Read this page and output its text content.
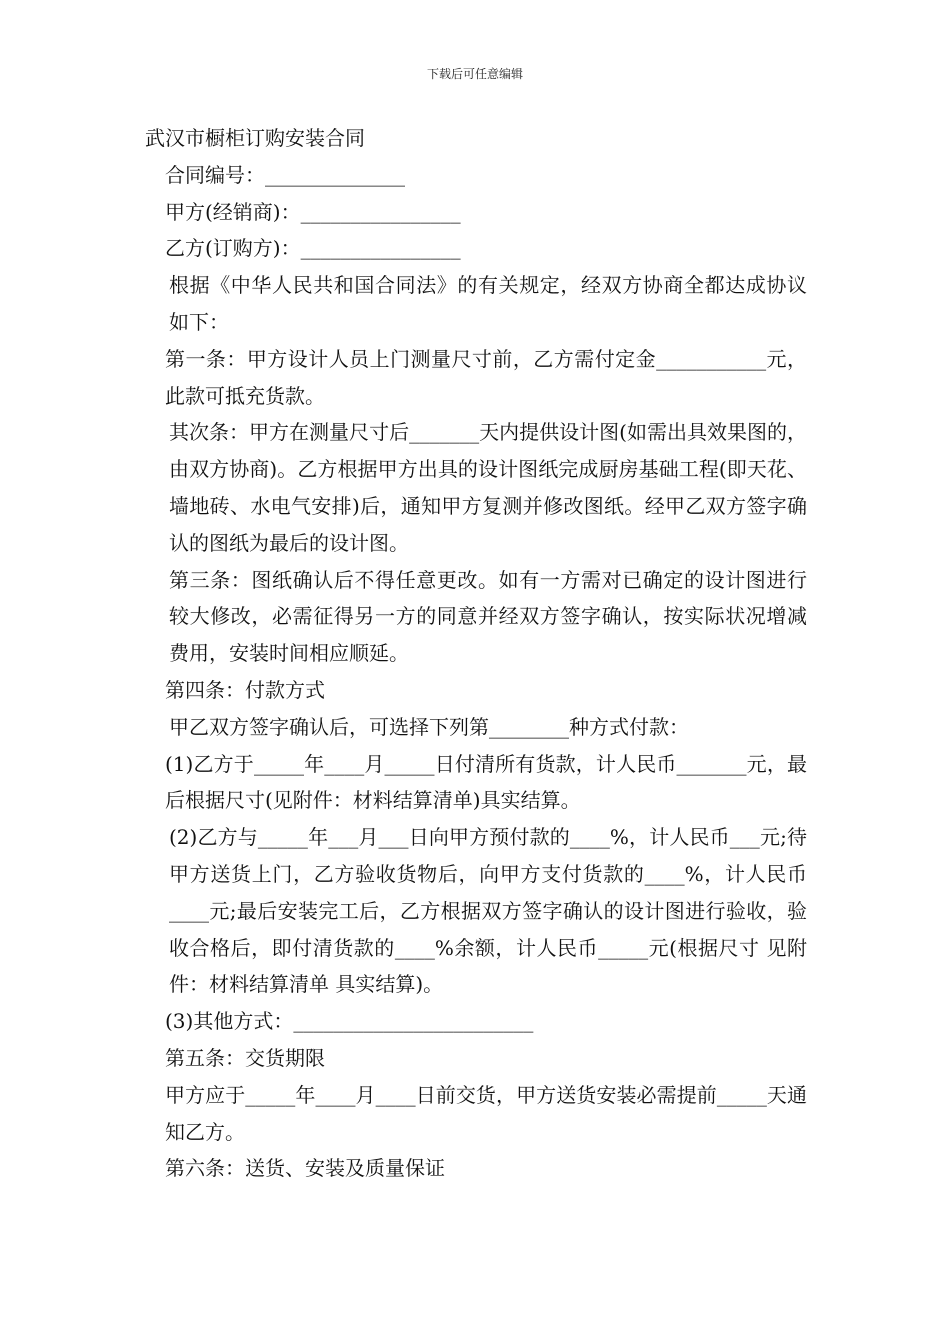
下载后可任意编辑
武汉市橱柜订购安装合同
合同编号：______________
甲方(经销商)：________________
乙方(订购方)：________________
根据《中华人民共和国合同法》的有关规定，经双方协商全都达成协议如下：
第一条：甲方设计人员上门测量尺寸前，乙方需付定金___________元，此款可抵充货款。
其次条：甲方在测量尺寸后_______天内提供设计图(如需出具效果图的，由双方协商)。乙方根据甲方出具的设计图纸完成厨房基础工程(即天花、墙地砖、水电气安排)后，通知甲方复测并修改图纸。经甲乙双方签字确认的图纸为最后的设计图。
第三条：图纸确认后不得任意更改。如有一方需对已确定的设计图进行较大修改，必需征得另一方的同意并经双方签字确认，按实际状况增减费用，安装时间相应顺延。
第四条：付款方式
甲乙双方签字确认后，可选择下列第________种方式付款：
(1)乙方于_____年____月_____日付清所有货款，计人民币_______元，最后根据尺寸(见附件：材料结算清单)具实结算。
(2)乙方与_____年___月___日向甲方预付款的____%，计人民币___元;待甲方送货上门，乙方验收货物后，向甲方支付货款的____%，计人民币____元;最后安装完工后，乙方根据双方签字确认的设计图进行验收，验收合格后，即付清货款的____%余额，计人民币_____元(根据尺寸 见附件：材料结算清单 具实结算)。
(3)其他方式：________________________
第五条：交货期限
甲方应于_____年____月____日前交货，甲方送货安装必需提前_____天通知乙方。
第六条：送货、安装及质量保证
